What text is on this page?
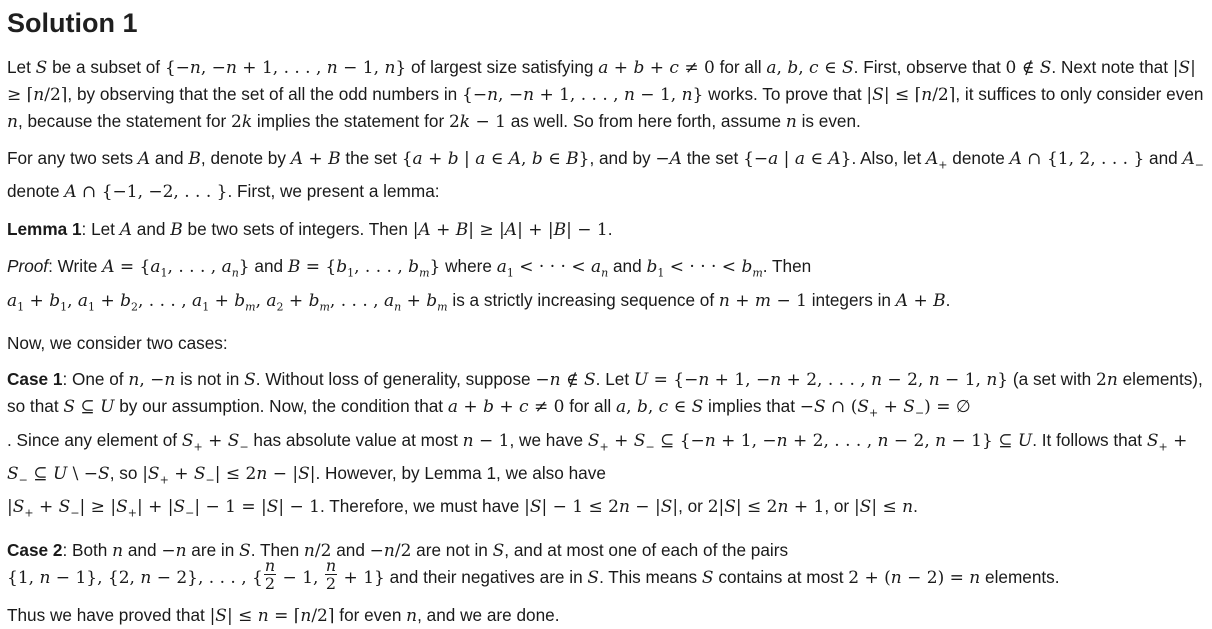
Solution 1

Let S be a subset of {−n, −n + 1, . . . , n − 1, n} of largest size satisfying a + b + c ≠ 0 for all a, b, c ∈ S. First, observe that 0 ∉ S. Next note that |S| ≥ ⌈n/2⌉, by observing that the set of all the odd numbers in {−n, −n + 1, . . . , n − 1, n} works. To prove that |S| ≤ ⌈n/2⌉, it suffices to only consider even n, because the statement for 2k implies the statement for 2k − 1 as well. So from here forth, assume n is even.

For any two sets A and B, denote by A + B the set {a + b | a ∈ A, b ∈ B}, and by −A the set {−a | a ∈ A}. Also, let $A_+$ denote A ∩ {1, 2, . . . } and $A_-$ denote A ∩ {−1, −2, . . . }. First, we present a lemma:

Lemma 1: Let A and B be two sets of integers. Then |A + B| ≥ |A| + |B| − 1.

Proof: Write $A = \{a_1$, . . . , $a_n$} and $B = \{b_1$, . . . , $b_m$} where $a_1$ < · · · < $a_n$ and $b_1$ < · · · < $b_m$. Then
$a_1 + b_1$, $a_1 + b_2$, . . . , $a_1 + b_m$, $a_2 + b_m$, . . . , $a_n + b_m$ is a strictly increasing sequence of n + m − 1 integers in A + B.

Now, we consider two cases:

Case 1: One of n, −n is not in S. Without loss of generality, suppose −n ∉ S. Let U = {−n + 1, −n + 2, . . . , n − 2, n − 1, n} (a set with 2n elements), so that S ⊆ U by our assumption. Now, the condition that a + b + c ≠ 0 for all a, b, c ∈ S implies that −S ∩ $(S_+ + S_-)$ = ∅
. Since any element of $S_+ + S_-$ has absolute value at most n − 1, we have $S_+ + S_-$ ⊆ {−n + 1, −n + 2, . . . , n − 2, n − 1} ⊆ U. It follows that $S_+ + S_-$ ⊆ U \ −S, so $|S_+ + S_-| \le 2n - |S|$. However, by Lemma 1, we also have
$|S_+ + S_-| \ge |S_+| + |S_-| - 1 = |S| - 1$. Therefore, we must have |S| − 1 ≤ 2n − |S|, or 2|S| ≤ 2n + 1, or |S| ≤ n.

Case 2: Both n and −n are in S. Then n/2 and −n/2 are not in S, and at most one of each of the pairs
{1, n − 1}, {2, n − 2}, . . . , { $\frac{n}{2} - 1$, $\frac{n}{2} + 1$} and their negatives are in S. This means S contains at most 2 + (n − 2) = n elements.

Thus we have proved that |S| ≤ n = ⌈n/2⌉ for even n, and we are done.
